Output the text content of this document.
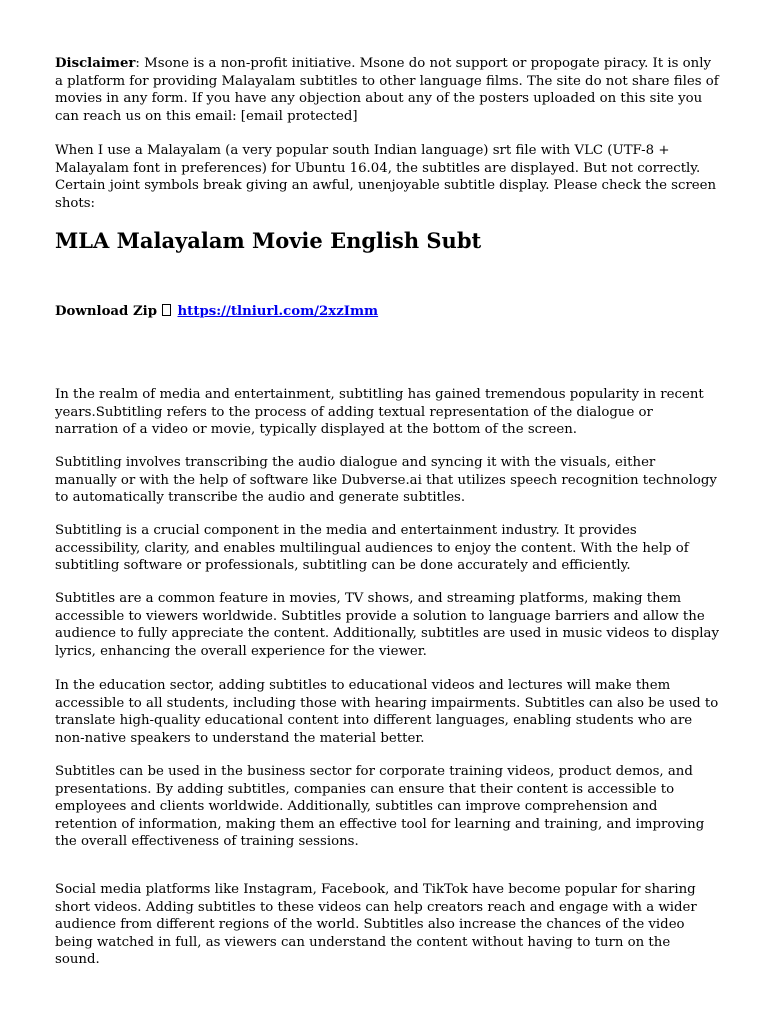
Disclaimer: Msone is a non-profit initiative. Msone do not support or propogate piracy. It is only a platform for providing Malayalam subtitles to other language films. The site do not share files of movies in any form. If you have any objection about any of the posters uploaded on this site you can reach us on this email: [email protected]

When I use a Malayalam (a very popular south Indian language) srt file with VLC (UTF-8 + Malayalam font in preferences) for Ubuntu 16.04, the subtitles are displayed. But not correctly. Certain joint symbols break giving an awful, unenjoyable subtitle display. Please check the screen shots:

MLA Malayalam Movie English Subt

Download Zip https://tlniurl.com/2xzImm

In the realm of media and entertainment, subtitling has gained tremendous popularity in recent years.Subtitling refers to the process of adding textual representation of the dialogue or narration of a video or movie, typically displayed at the bottom of the screen.

Subtitling involves transcribing the audio dialogue and syncing it with the visuals, either manually or with the help of software like Dubverse.ai that utilizes speech recognition technology to automatically transcribe the audio and generate subtitles.

Subtitling is a crucial component in the media and entertainment industry. It provides accessibility, clarity, and enables multilingual audiences to enjoy the content. With the help of subtitling software or professionals, subtitling can be done accurately and efficiently.

Subtitles are a common feature in movies, TV shows, and streaming platforms, making them accessible to viewers worldwide. Subtitles provide a solution to language barriers and allow the audience to fully appreciate the content. Additionally, subtitles are used in music videos to display lyrics, enhancing the overall experience for the viewer.

In the education sector, adding subtitles to educational videos and lectures will make them accessible to all students, including those with hearing impairments. Subtitles can also be used to translate high-quality educational content into different languages, enabling students who are non-native speakers to understand the material better.

Subtitles can be used in the business sector for corporate training videos, product demos, and presentations. By adding subtitles, companies can ensure that their content is accessible to employees and clients worldwide. Additionally, subtitles can improve comprehension and retention of information, making them an effective tool for learning and training, and improving the overall effectiveness of training sessions.

Social media platforms like Instagram, Facebook, and TikTok have become popular for sharing short videos. Adding subtitles to these videos can help creators reach and engage with a wider audience from different regions of the world. Subtitles also increase the chances of the video being watched in full, as viewers can understand the content without having to turn on the sound.
